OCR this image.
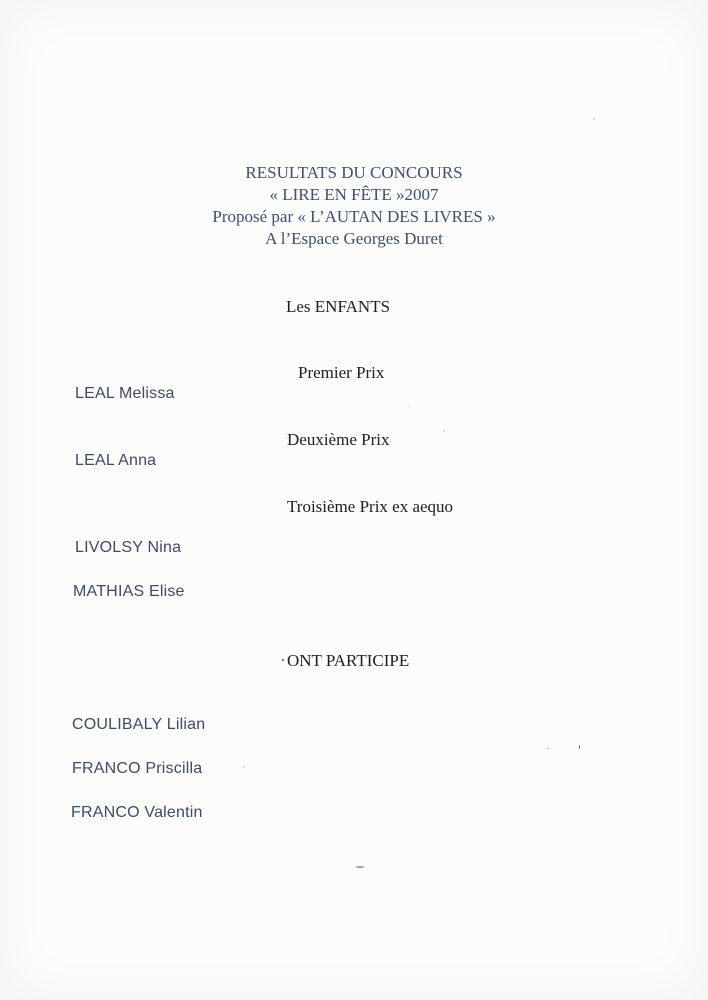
RESULTATS DU CONCOURS
« LIRE EN FÊTE »2007
Proposé par « L’AUTAN DES LIVRES »
A l’Espace Georges Duret
Les ENFANTS
Premier Prix
LEAL Melissa
Deuxième Prix
LEAL Anna
Troisième Prix ex aequo
LIVOLSY Nina
MATHIAS Elise
ONT PARTICIPE
COULIBALY Lilian
FRANCO Priscilla
FRANCO Valentin
